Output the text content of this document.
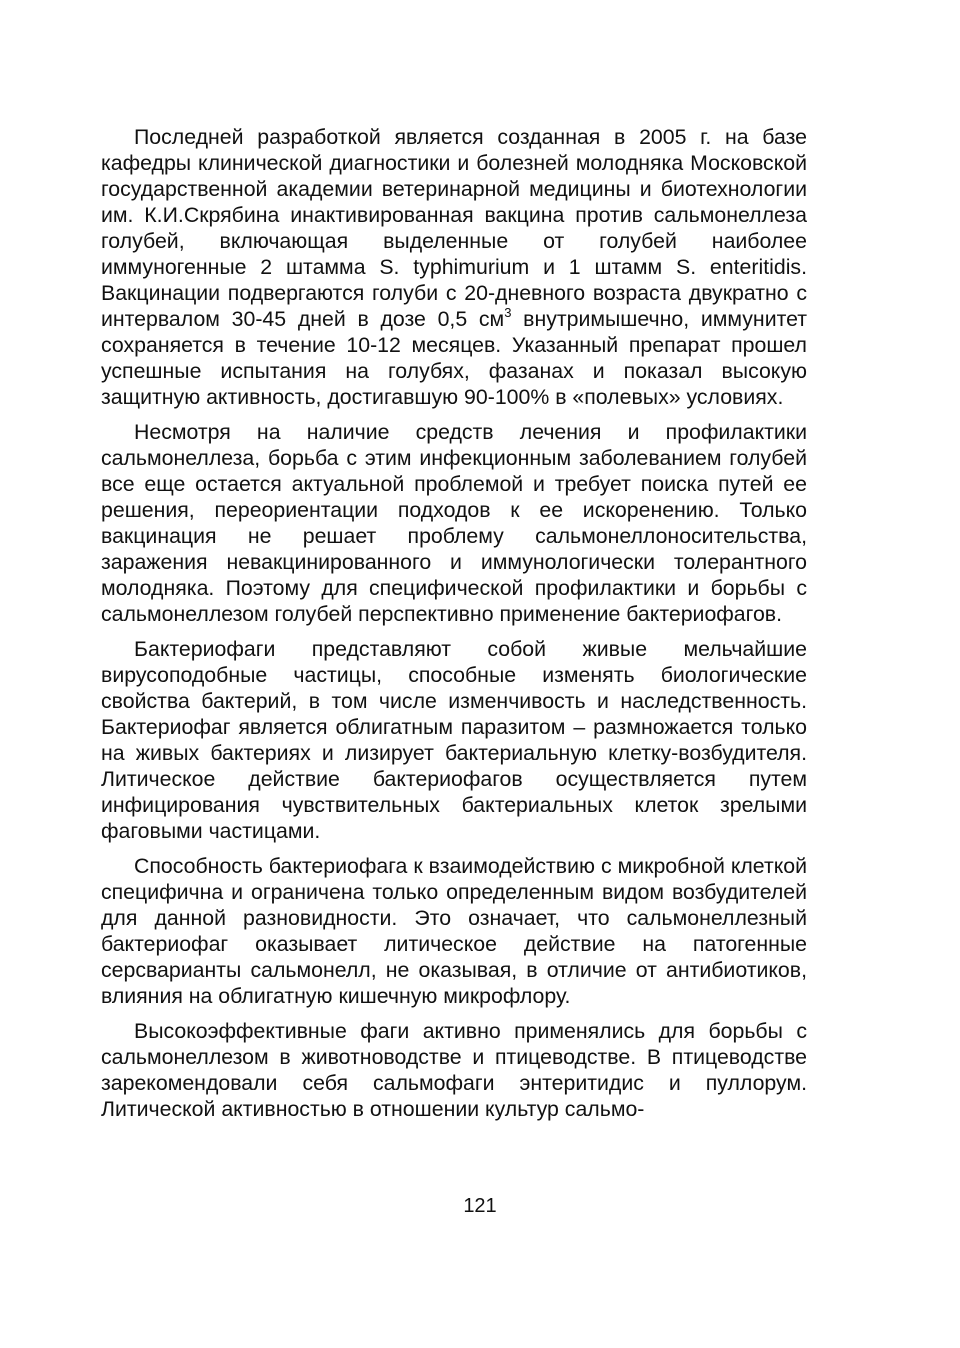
Последней разработкой является созданная в 2005 г. на базе кафедры клинической диагностики и болезней молодняка Московской государственной академии ветеринарной медицины и биотехнологии им. К.И.Скрябина инактивированная вакцина против сальмонеллеза голубей, включающая выделенные от голубей наиболее иммуногенные 2 штамма S. typhimurium и 1 штамм S. enteritidis. Вакцинации подвергаются голуби с 20-дневного возраста двукратно с интервалом 30-45 дней в дозе 0,5 $см^3$ внутримышечно, иммунитет сохраняется в течение 10-12 месяцев. Указанный препарат прошел успешные испытания на голубях, фазанах и показал высокую защитную активность, достигавшую 90-100% в «полевых» условиях.

Несмотря на наличие средств лечения и профилактики сальмонеллеза, борьба с этим инфекционным заболеванием голубей все еще остается актуальной проблемой и требует поиска путей ее решения, переориентации подходов к ее искоренению. Только вакцинация не решает проблему сальмонеллоносительства, заражения невакцинированного и иммунологически толерантного молодняка. Поэтому для специфической профилактики и борьбы с сальмонеллезом голубей перспективно применение бактериофагов.

Бактериофаги представляют собой живые мельчайшие вирусоподобные частицы, способные изменять биологические свойства бактерий, в том числе изменчивость и наследственность. Бактериофаг является облигатным паразитом – размножается только на живых бактериях и лизирует бактериальную клетку-возбудителя. Литическое действие бактериофагов осуществляется путем инфицирования чувствительных бактериальных клеток зрелыми фаговыми частицами.

Способность бактериофага к взаимодействию с микробной клеткой специфична и ограничена только определенным видом возбудителей для данной разновидности. Это означает, что сальмонеллезный бактериофаг оказывает литическое действие на патогенные серсварианты сальмонелл, не оказывая, в отличие от антибиотиков, влияния на облигатную кишечную микрофлору.

Высокоэффективные фаги активно применялись для борьбы с сальмонеллезом в животноводстве и птицеводстве. В птицеводстве зарекомендовали себя сальмофаги энтеритидис и пуллорум. Литической активностью в отношении культур сальмо-

121
